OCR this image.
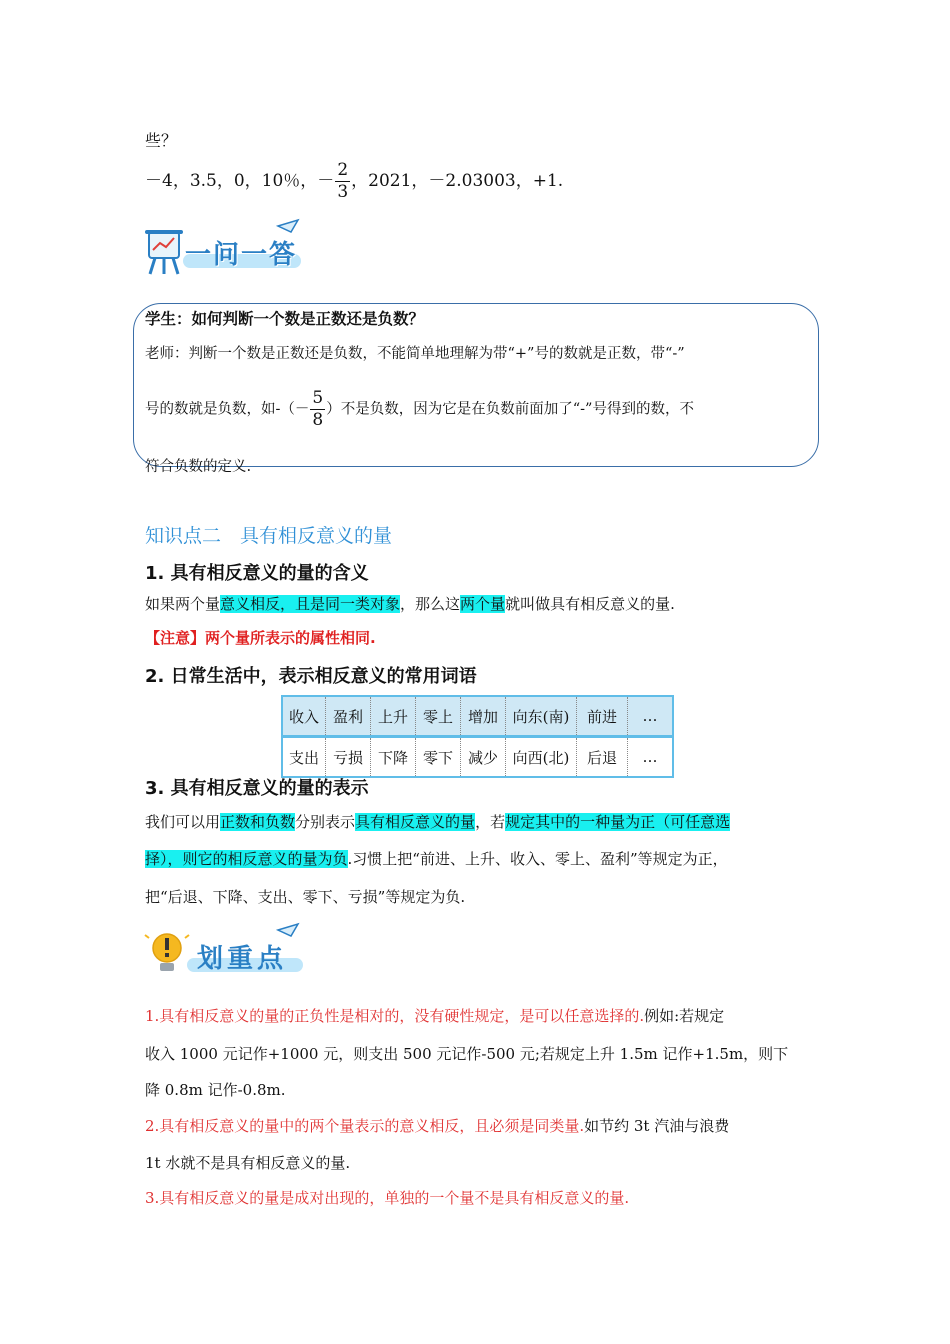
些？
－4，3.5，0，10％，－ $\frac{2}{3}$ ，2021，－2.03003，+1.
一问一答
学生：如何判断一个数是正数还是负数？
老师：判断一个数是正数还是负数，不能简单地理解为带“+”号的数就是正数，带“-”
号的数就是负数，如-（－ $\frac{5}{8}$ ）不是负数，因为它是在负数前面加了“-”号得到的数，不
符合负数的定义.
知识点二　具有相反意义的量
1. 具有相反意义的量的含义
如果两个量意义相反，且是同一类对象，那么这两个量就叫做具有相反意义的量.
【注意】两个量所表示的属性相同.
2. 日常生活中，表示相反意义的常用词语
收入	盈利	上升	零上	增加	向东(南)	前进	…
支出	亏损	下降	零下	减少	向西(北)	后退	…
3. 具有相反意义的量的表示
我们可以用正数和负数分别表示具有相反意义的量，若规定其中的一种量为正（可任意选
择），则它的相反意义的量为负.习惯上把“前进、上升、收入、零上、盈利”等规定为正，
把“后退、下降、支出、零下、亏损”等规定为负.
划重点
1.具有相反意义的量的正负性是相对的，没有硬性规定，是可以任意选择的.例如:若规定
收入 1000 元记作+1000 元，则支出 500 元记作-500 元;若规定上升 1.5m 记作+1.5m，则下
降 0.8m 记作-0.8m.
2.具有相反意义的量中的两个量表示的意义相反，且必须是同类量.如节约 3t 汽油与浪费
1t 水就不是具有相反意义的量.
3.具有相反意义的量是成对出现的，单独的一个量不是具有相反意义的量.
